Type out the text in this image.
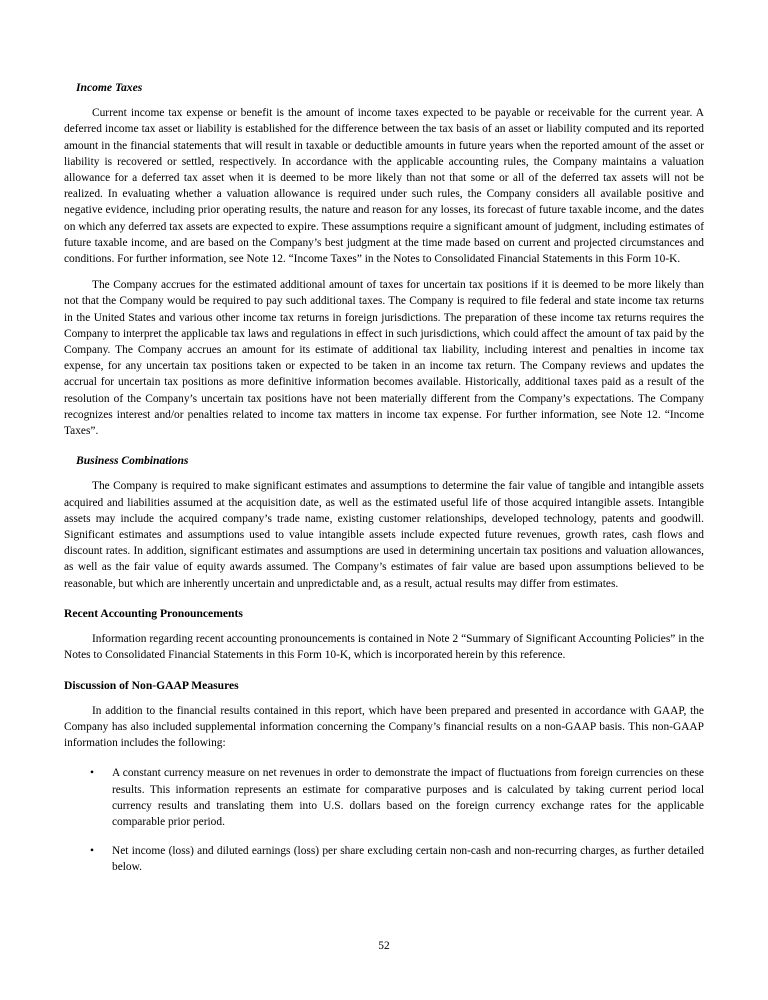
Income Taxes

Current income tax expense or benefit is the amount of income taxes expected to be payable or receivable for the current year. A deferred income tax asset or liability is established for the difference between the tax basis of an asset or liability computed and its reported amount in the financial statements that will result in taxable or deductible amounts in future years when the reported amount of the asset or liability is recovered or settled, respectively. In accordance with the applicable accounting rules, the Company maintains a valuation allowance for a deferred tax asset when it is deemed to be more likely than not that some or all of the deferred tax assets will not be realized. In evaluating whether a valuation allowance is required under such rules, the Company considers all available positive and negative evidence, including prior operating results, the nature and reason for any losses, its forecast of future taxable income, and the dates on which any deferred tax assets are expected to expire. These assumptions require a significant amount of judgment, including estimates of future taxable income, and are based on the Company’s best judgment at the time made based on current and projected circumstances and conditions. For further information, see Note 12. “Income Taxes” in the Notes to Consolidated Financial Statements in this Form 10-K.

The Company accrues for the estimated additional amount of taxes for uncertain tax positions if it is deemed to be more likely than not that the Company would be required to pay such additional taxes. The Company is required to file federal and state income tax returns in the United States and various other income tax returns in foreign jurisdictions. The preparation of these income tax returns requires the Company to interpret the applicable tax laws and regulations in effect in such jurisdictions, which could affect the amount of tax paid by the Company. The Company accrues an amount for its estimate of additional tax liability, including interest and penalties in income tax expense, for any uncertain tax positions taken or expected to be taken in an income tax return. The Company reviews and updates the accrual for uncertain tax positions as more definitive information becomes available. Historically, additional taxes paid as a result of the resolution of the Company’s uncertain tax positions have not been materially different from the Company’s expectations. The Company recognizes interest and/or penalties related to income tax matters in income tax expense. For further information, see Note 12. “Income Taxes”.

Business Combinations

The Company is required to make significant estimates and assumptions to determine the fair value of tangible and intangible assets acquired and liabilities assumed at the acquisition date, as well as the estimated useful life of those acquired intangible assets. Intangible assets may include the acquired company’s trade name, existing customer relationships, developed technology, patents and goodwill. Significant estimates and assumptions used to value intangible assets include expected future revenues, growth rates, cash flows and discount rates. In addition, significant estimates and assumptions are used in determining uncertain tax positions and valuation allowances, as well as the fair value of equity awards assumed. The Company’s estimates of fair value are based upon assumptions believed to be reasonable, but which are inherently uncertain and unpredictable and, as a result, actual results may differ from estimates.

Recent Accounting Pronouncements

Information regarding recent accounting pronouncements is contained in Note 2 “Summary of Significant Accounting Policies” in the Notes to Consolidated Financial Statements in this Form 10-K, which is incorporated herein by this reference.

Discussion of Non-GAAP Measures

In addition to the financial results contained in this report, which have been prepared and presented in accordance with GAAP, the Company has also included supplemental information concerning the Company’s financial results on a non-GAAP basis. This non-GAAP information includes the following:

•	A constant currency measure on net revenues in order to demonstrate the impact of fluctuations from foreign currencies on these results. This information represents an estimate for comparative purposes and is calculated by taking current period local currency results and translating them into U.S. dollars based on the foreign currency exchange rates for the applicable comparable prior period.
•	Net income (loss) and diluted earnings (loss) per share excluding certain non-cash and non-recurring charges, as further detailed below.
52
